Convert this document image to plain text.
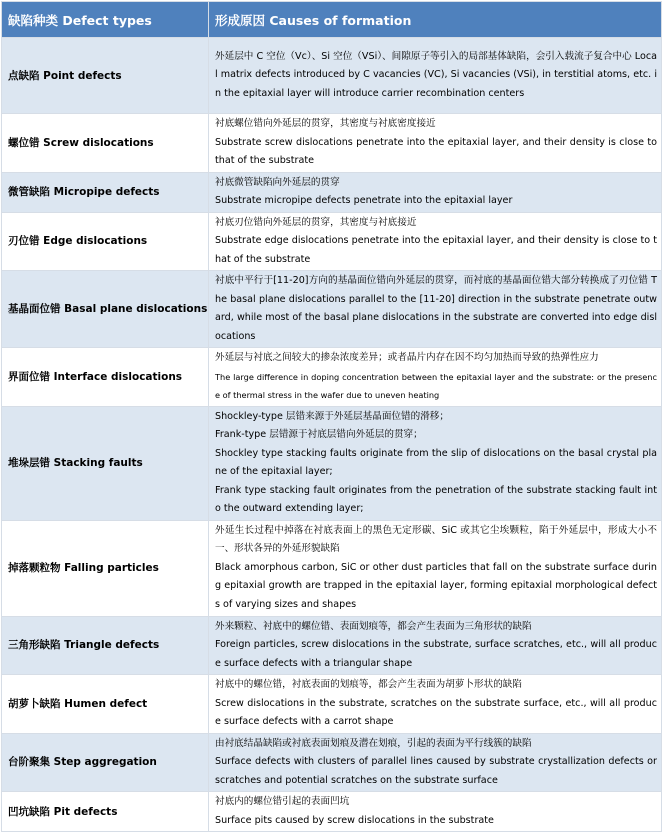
缺陷种类 Defect types	形成原因 Causes of formation
点缺陷 Point defects	外延层中 C 空位（Vc）、Si 空位（VSi）、间隙原子等引入的局部基体缺陷，会引入载流子复合中心 Local matrix defects introduced by C vacancies (VC), Si vacancies (VSi), in terstitial atoms, etc. in the epitaxial layer will introduce carrier recombination centers

螺位错 Screw dislocations	衬底螺位错向外延层的贯穿，其密度与衬底密度接近
Substrate screw dislocations penetrate into the epitaxial layer, and their density is close to that of the substrate

微管缺陷 Micropipe defects	衬底微管缺陷向外延层的贯穿
Substrate micropipe defects penetrate into the epitaxial layer

刃位错 Edge dislocations	衬底刃位错向外延层的贯穿，其密度与衬底接近
Substrate edge dislocations penetrate into the epitaxial layer, and their density is close to that of the substrate

基晶面位错 Basal plane dislocations	衬底中平行于[11-20]方向的基晶面位错向外延层的贯穿，而衬底的基晶面位错大部分转换成了刃位错 The basal plane dislocations parallel to the [11-20] direction in the substrate penetrate outward, while most of the basal plane dislocations in the substrate are converted into edge dislocations

界面位错 Interface dislocations	外延层与衬底之间较大的掺杂浓度差异；或者晶片内存在因不均匀加热而导致的热弹性应力
The large difference in doping concentration between the epitaxial layer and the substrate: or the presence of thermal stress in the wafer due to uneven heating

堆垛层错 Stacking faults	Shockley-type 层错来源于外延层基晶面位错的滑移；
Frank-type 层错源于衬底层错向外延层的贯穿；
Shockley type stacking faults originate from the slip of dislocations on the basal crystal plane of the epitaxial layer;
Frank type stacking fault originates from the penetration of the substrate stacking fault into the outward extending layer;

掉落颗粒物 Falling particles	外延生长过程中掉落在衬底表面上的黑色无定形碳、SiC 或其它尘埃颗粒，陷于外延层中，形成大小不一、形状各异的外延形貌缺陷
Black amorphous carbon, SiC or other dust particles that fall on the substrate surface during epitaxial growth are trapped in the epitaxial layer, forming epitaxial morphological defects of varying sizes and shapes

三角形缺陷 Triangle defects	外来颗粒、衬底中的螺位错、表面划痕等，都会产生表面为三角形状的缺陷
Foreign particles, screw dislocations in the substrate, surface scratches, etc., will all produce surface defects with a triangular shape

胡萝卜缺陷 Humen defect	衬底中的螺位错，衬底表面的划痕等，都会产生表面为胡萝卜形状的缺陷
Screw dislocations in the substrate, scratches on the substrate surface, etc., will all produce surface defects with a carrot shape

台阶聚集 Step aggregation	由衬底结晶缺陷或衬底表面划痕及潜在划痕，引起的表面为平行线簇的缺陷
Surface defects with clusters of parallel lines caused by substrate crystallization defects or scratches and potential scratches on the substrate surface

凹坑缺陷 Pit defects	衬底内的螺位错引起的表面凹坑
Surface pits caused by screw dislocations in the substrate
